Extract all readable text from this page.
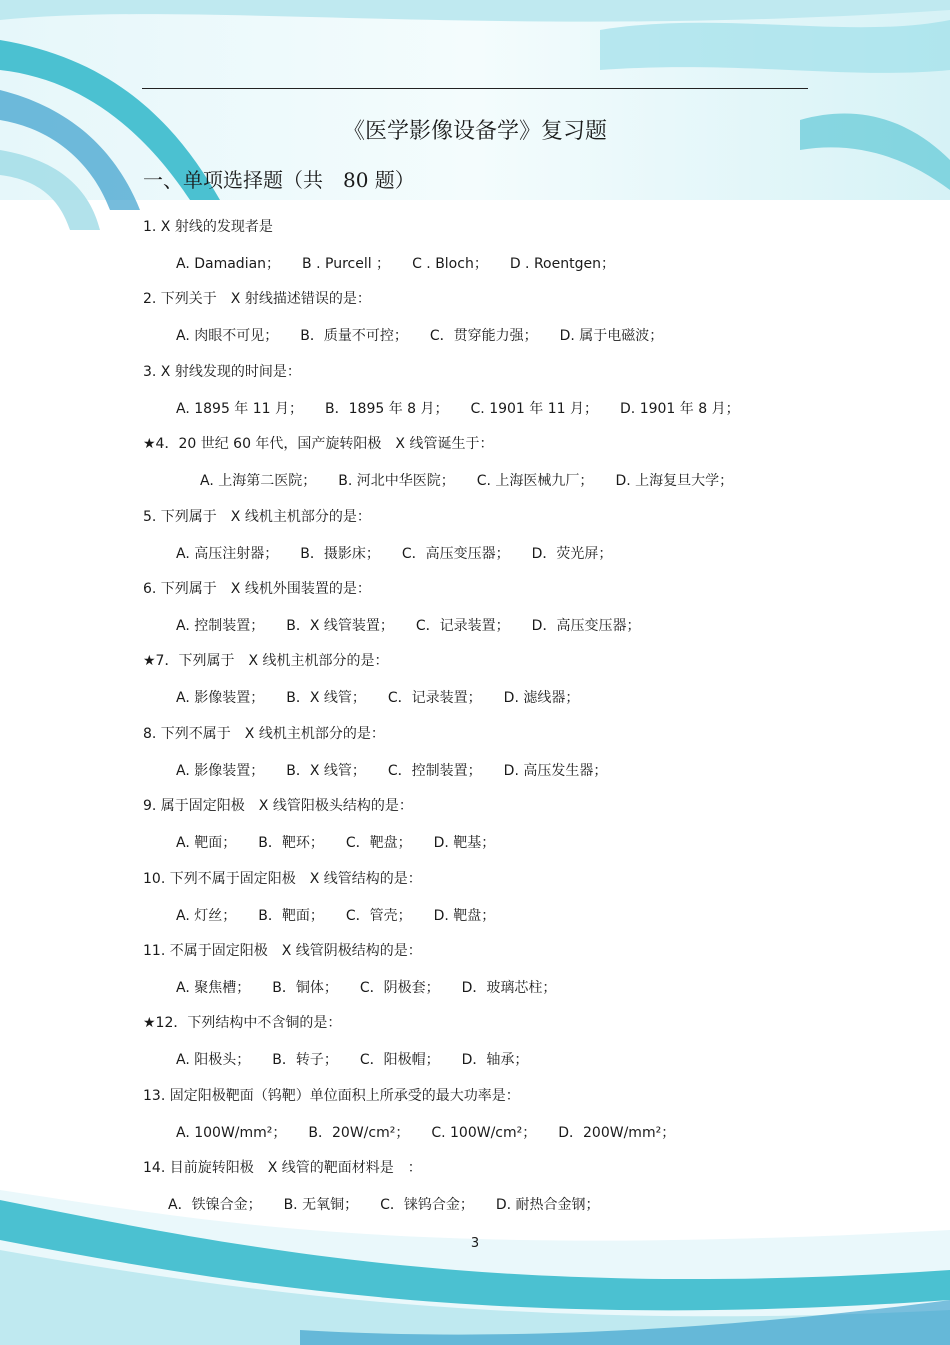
《医学影像设备学》复习题
一、单项选择题（共　80 题）
1. X 射线的发现者是
A. Damadian； B . Purcell ； C . Bloch； D . Roentgen；
2. 下列关于　X 射线描述错误的是：
A. 肉眼不可见； B．质量不可控； C．贯穿能力强； D. 属于电磁波；
3. X 射线发现的时间是：
A. 1895 年 11 月； B．1895 年 8 月； C. 1901 年 11 月； D. 1901 年 8 月；
★4．20 世纪 60 年代，国产旋转阳极　X 线管诞生于：
A. 上海第二医院； B. 河北中华医院； C. 上海医械九厂； D. 上海复旦大学；
5. 下列属于　X 线机主机部分的是：
A. 高压注射器； B．摄影床； C．高压变压器； D．荧光屏；
6. 下列属于　X 线机外围装置的是：
A. 控制装置； B．X 线管装置； C．记录装置； D．高压变压器；
★7．下列属于　X 线机主机部分的是：
A. 影像装置； B．X 线管； C．记录装置； D. 滤线器；
8. 下列不属于　X 线机主机部分的是：
A. 影像装置； B．X 线管； C．控制装置； D. 高压发生器；
9. 属于固定阳极　X 线管阳极头结构的是：
A. 靶面； B．靶环； C．靶盘； D. 靶基；
10. 下列不属于固定阳极　X 线管结构的是：
A. 灯丝； B．靶面； C．管壳； D. 靶盘；
11. 不属于固定阳极　X 线管阴极结构的是：
A. 聚焦槽； B．铜体； C．阴极套； D．玻璃芯柱；
★12．下列结构中不含铜的是：
A. 阳极头； B．转子； C．阳极帽； D．轴承；
13. 固定阳极靶面（钨靶）单位面积上所承受的最大功率是：
A. 100W/mm²； B．20W/cm²； C. 100W/cm²； D．200W/mm²；
14. 目前旋转阳极　X 线管的靶面材料是　：
A．铁镍合金； B. 无氧铜； C．铼钨合金； D. 耐热合金钢；
3
